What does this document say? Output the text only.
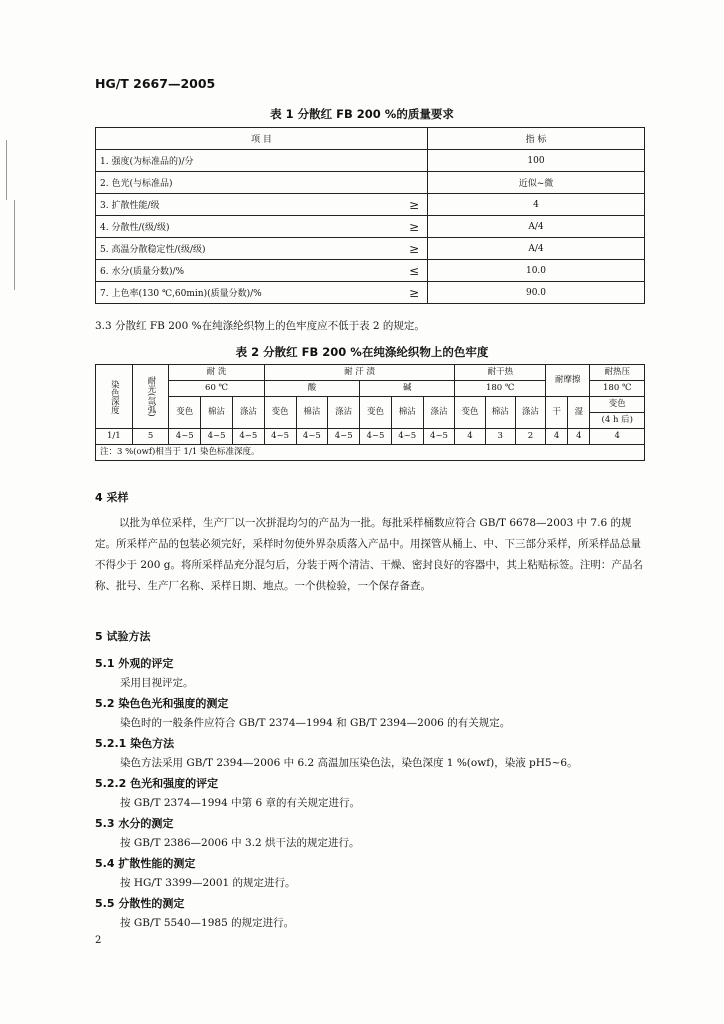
HG/T 2667—2005
表 1 分散红 FB 200 %的质量要求
项 目		指 标
1. 强度(为标准品的)/分		100
2. 色光(与标准品)		近似~微
3. 扩散性能/级	≥	4
4. 分散性/(级/级)	≥	A/4
5. 高温分散稳定性/(级/级)	≥	A/4
6. 水分(质量分数)/%	≤	10.0
7. 上色率(130 ℃,60min)(质量分数)/%	≥	90.0
3.3 分散红 FB 200 %在纯涤纶织物上的色牢度应不低于表 2 的规定。
表 2 分散红 FB 200 %在纯涤纶织物上的色牢度
染色深度	耐光(氙弧)	耐 洗			耐 汗 渍						耐干热			耐摩擦		耐热压
		60 ℃			酸			碱			180 ℃					180 ℃
		变色	棉沾	涤沾	变色	棉沾	涤沾	变色	棉沾	涤沾	变色	棉沾	涤沾	干	湿	变色
																(4 h 后)
1/1	5	4~5	4~5	4~5	4~5	4~5	4~5	4~5	4~5	4~5	4	3	2	4	4	4
注：3 %(owf)相当于 1/1 染色标准深度。																
4 采样
以批为单位采样，生产厂以一次拼混均匀的产品为一批。每批采样桶数应符合 GB/T 6678—2003 中 7.6 的规定。所采样产品的包装必须完好，采样时勿使外界杂质落入产品中。用探管从桶上、中、下三部分采样，所采样品总量不得少于 200 g。将所采样品充分混匀后，分装于两个清洁、干燥、密封良好的容器中，其上粘贴标签。注明：产品名称、批号、生产厂名称、采样日期、地点。一个供检验，一个保存备查。
5 试验方法
5.1 外观的评定
采用目视评定。
5.2 染色色光和强度的测定
染色时的一般条件应符合 GB/T 2374—1994 和 GB/T 2394—2006 的有关规定。
5.2.1 染色方法
染色方法采用 GB/T 2394—2006 中 6.2 高温加压染色法，染色深度 1 %(owf)，染液 pH5~6。
5.2.2 色光和强度的评定
按 GB/T 2374—1994 中第 6 章的有关规定进行。
5.3 水分的测定
按 GB/T 2386—2006 中 3.2 烘干法的规定进行。
5.4 扩散性能的测定
按 HG/T 3399—2001 的规定进行。
5.5 分散性的测定
按 GB/T 5540—1985 的规定进行。
2
